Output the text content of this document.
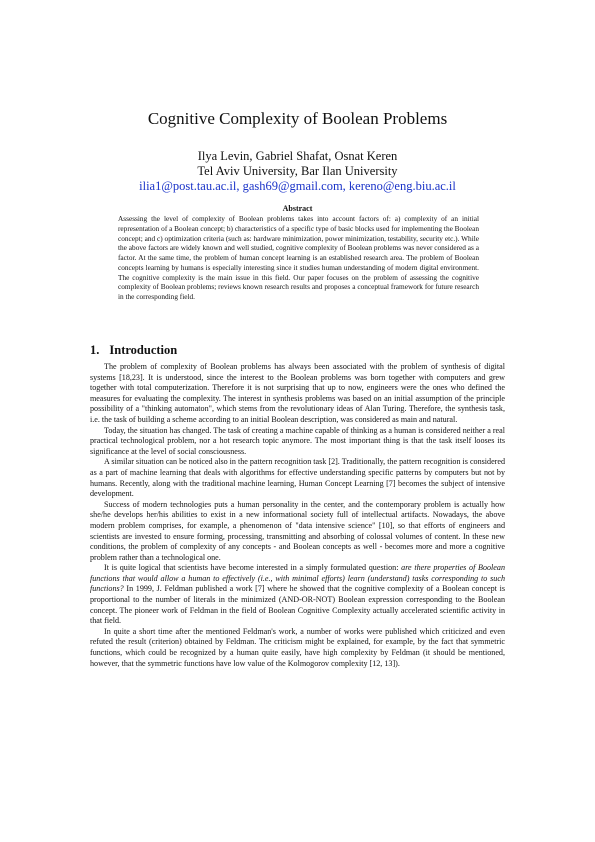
Cognitive Complexity of Boolean Problems
Ilya Levin, Gabriel Shafat, Osnat Keren
Tel Aviv University, Bar Ilan University
ilia1@post.tau.ac.il, gash69@gmail.com, kereno@eng.biu.ac.il
Abstract
Assessing the level of complexity of Boolean problems takes into account factors of: a) complexity of an initial representation of a Boolean concept; b) characteristics of a specific type of basic blocks used for implementing the Boolean concept; and c) optimization criteria (such as: hardware minimization, power minimization, testability, security etc.). While the above factors are widely known and well studied, cognitive complexity of Boolean problems was never considered as a factor. At the same time, the problem of human concept learning is an established research area. The problem of Boolean concepts learning by humans is especially interesting since it studies human understanding of modern digital environment. The cognitive complexity is the main issue in this field. Our paper focuses on the problem of assessing the cognitive complexity of Boolean problems; reviews known research results and proposes a conceptual framework for future research in the corresponding field.
1. Introduction

The problem of complexity of Boolean problems has always been associated with the problem of synthesis of digital systems [18,23]. It is understood, since the interest to the Boolean problems was born together with computers and grew together with total computerization. Therefore it is not surprising that up to now, engineers were the ones who defined the measures for evaluating the complexity. The interest in synthesis problems was based on an initial assumption of the principle possibility of a "thinking automaton", which stems from the revolutionary ideas of Alan Turing. Therefore, the synthesis task, i.e. the task of building a scheme according to an initial Boolean description, was considered as main and natural.

Today, the situation has changed. The task of creating a machine capable of thinking as a human is considered neither a real practical technological problem, nor a hot research topic anymore. The most important thing is that the task itself looses its significance at the level of social consciousness.

A similar situation can be noticed also in the pattern recognition task [2]. Traditionally, the pattern recognition is considered as a part of machine learning that deals with algorithms for effective understanding specific patterns by computers but not by humans. Recently, along with the traditional machine learning, Human Concept Learning [7] becomes the subject of intensive development.

Success of modern technologies puts a human personality in the center, and the contemporary problem is actually how she/he develops her/his abilities to exist in a new informational society full of intellectual artifacts. Nowadays, the above modern problem comprises, for example, a phenomenon of "data intensive science" [10], so that efforts of engineers and scientists are invested to ensure forming, processing, transmitting and absorbing of colossal volumes of content. In these new conditions, the problem of complexity of any concepts - and Boolean concepts as well - becomes more and more a cognitive problem rather than a technological one.

It is quite logical that scientists have become interested in a simply formulated question: are there properties of Boolean functions that would allow a human to effectively (i.e., with minimal efforts) learn (understand) tasks corresponding to such functions? In 1999, J. Feldman published a work [7] where he showed that the cognitive complexity of a Boolean concept is proportional to the number of literals in the minimized (AND-OR-NOT) Boolean expression corresponding to the Boolean concept. The pioneer work of Feldman in the field of Boolean Cognitive Complexity actually accelerated scientific activity in that field.

In quite a short time after the mentioned Feldman's work, a number of works were published which criticized and even refuted the result (criterion) obtained by Feldman. The criticism might be explained, for example, by the fact that symmetric functions, which could be recognized by a human quite easily, have high complexity by Feldman (it should be mentioned, however, that the symmetric functions have low value of the Kolmogorov complexity [12, 13]).
